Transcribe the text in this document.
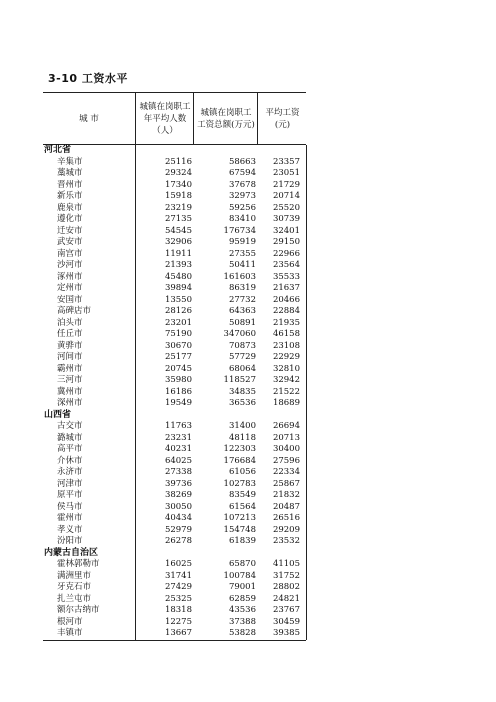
3-10 工资水平
城 市
城镇在岗职工
年平均人数（人）
城镇在岗职工
工资总额(万元)
平均工资
(元)
河北省
辛集市	25116	58663 23357
藁城市	29324	67594 23051
晋州市	17340	37678 21729
新乐市	15918	32973 20714
鹿泉市	23219	59256 25520
遵化市	27135	83410 30739
迁安市	54545	176734 32401
武安市	32906	95919 29150
南宫市	11911	27355 22966
沙河市	21393	50411 23564
涿州市	45480	161603 35533
定州市	39894	86319 21637
安国市	13550	27732 20466
高碑店市	28126	64363 22884
泊头市	23201	50891 21935
任丘市	75190	347060 46158
黄骅市	30670	70873 23108
河间市	25177	57729 22929
霸州市	20745	68064 32810
三河市	35980	118527 32942
冀州市	16186	34835 21522
深州市	19549	36536 18689
山西省
古交市	11763	31400 26694
潞城市	23231	48118 20713
高平市	40231	122303 30400
介休市	64025	176684 27596
永济市	27338	61056 22334
河津市	39736	102783 25867
原平市	38269	83549 21832
侯马市	30050	61564 20487
霍州市	40434	107213 26516
孝义市	52979	154748 29209
汾阳市	26278	61839 23532
内蒙古自治区
霍林郭勒市	16025	65870 41105
满洲里市	31741	100784 31752
牙克石市	27429	79001 28802
扎兰屯市	25325	62859 24821
额尔古纳市	18318	43536 23767
根河市	12275	37388 30459
丰镇市	13667	53828 39385
